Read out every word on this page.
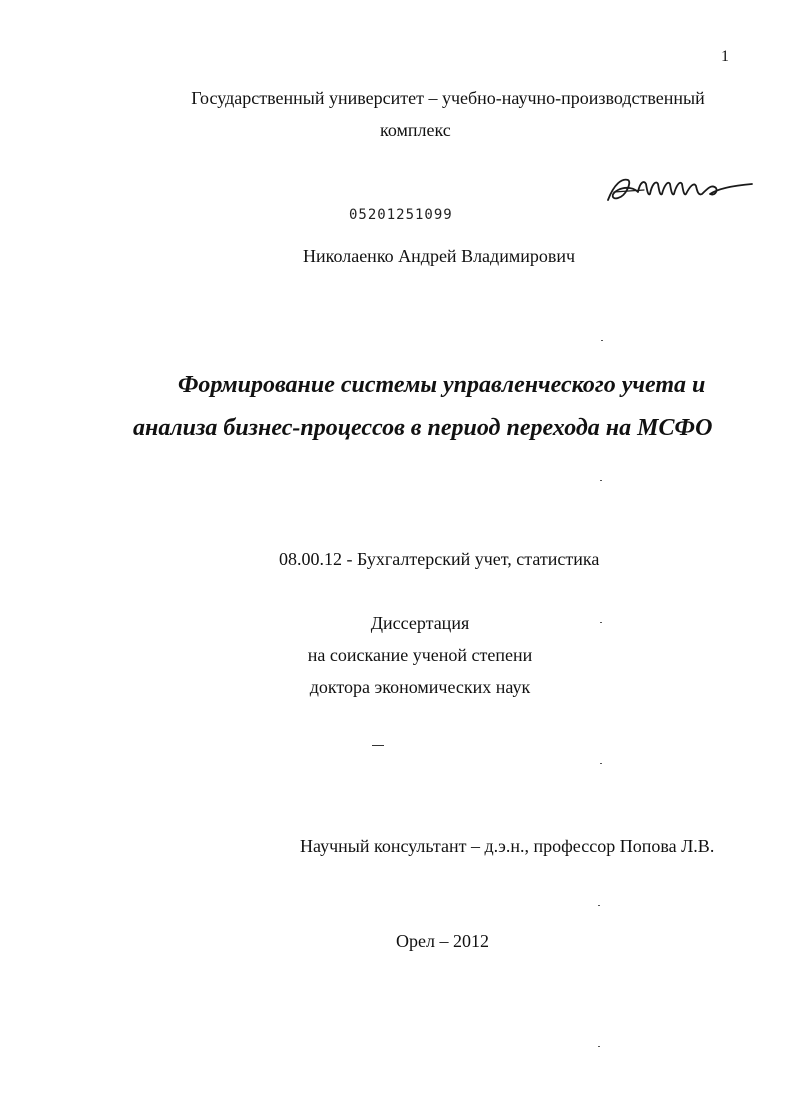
1
Государственный университет – учебно-научно-производственный
комплекс
05201251099
Николаенко Андрей Владимирович
Формирование системы управленческого учета и
анализа бизнес-процессов в период перехода на МСФО
08.00.12 - Бухгалтерский учет, статистика
Диссертация
на соискание ученой степени
доктора экономических наук
Научный консультант – д.э.н., профессор Попова Л.В.
Орел – 2012
